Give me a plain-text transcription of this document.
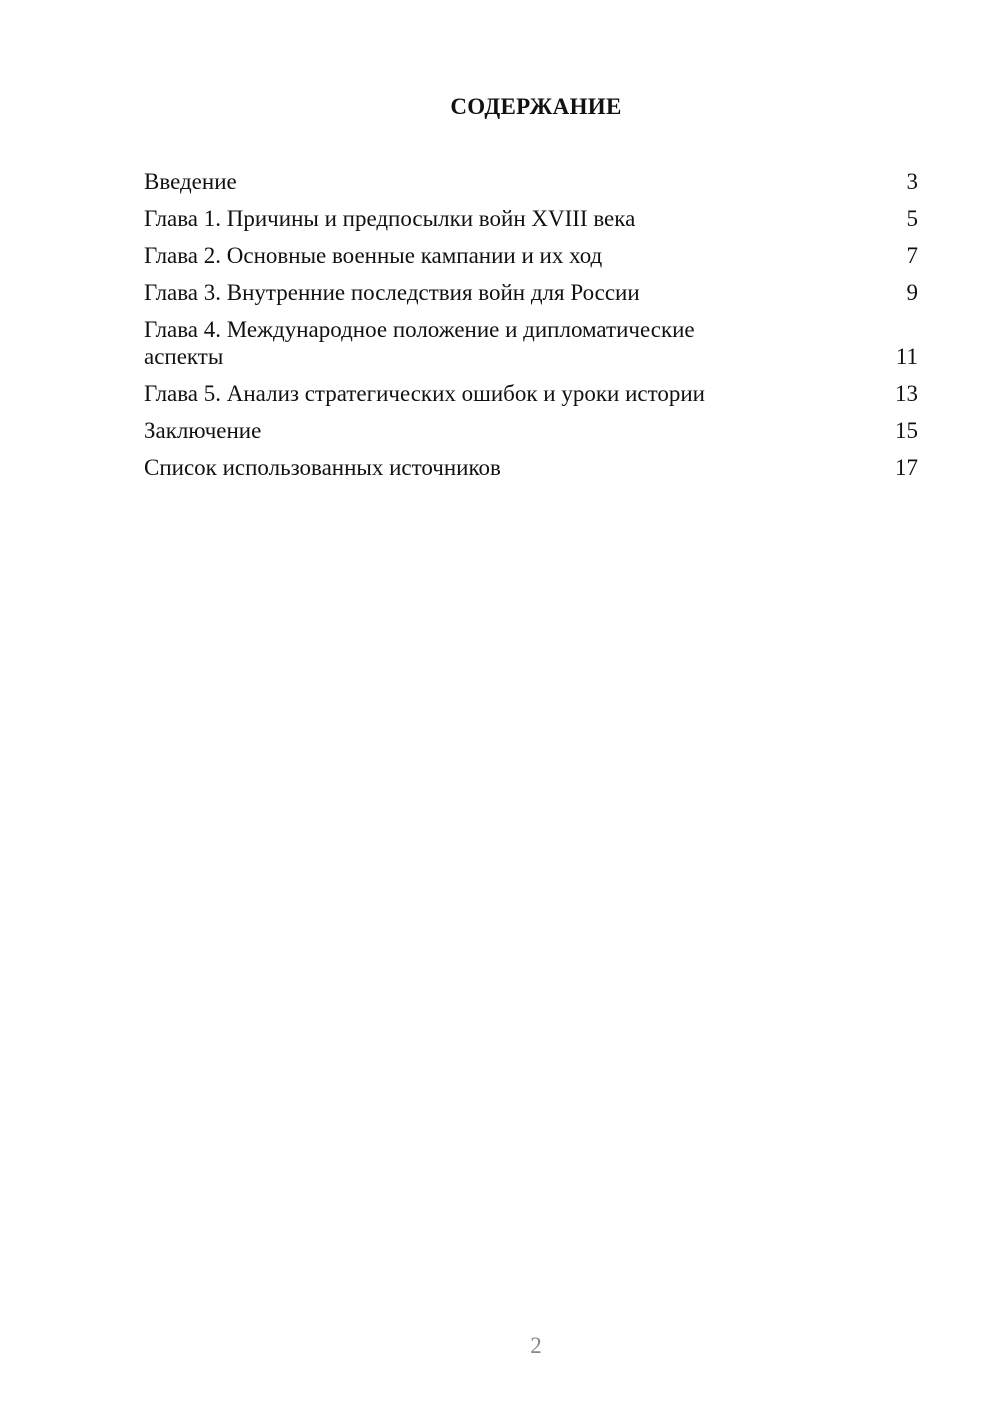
СОДЕРЖАНИЕ
Введение	3
Глава 1. Причины и предпосылки войн XVIII века	5
Глава 2. Основные военные кампании и их ход	7
Глава 3. Внутренние последствия войн для России	9
Глава 4. Международное положение и дипломатические аспекты	11
Глава 5. Анализ стратегических ошибок и уроки истории	13
Заключение	15
Список использованных источников	17
2
